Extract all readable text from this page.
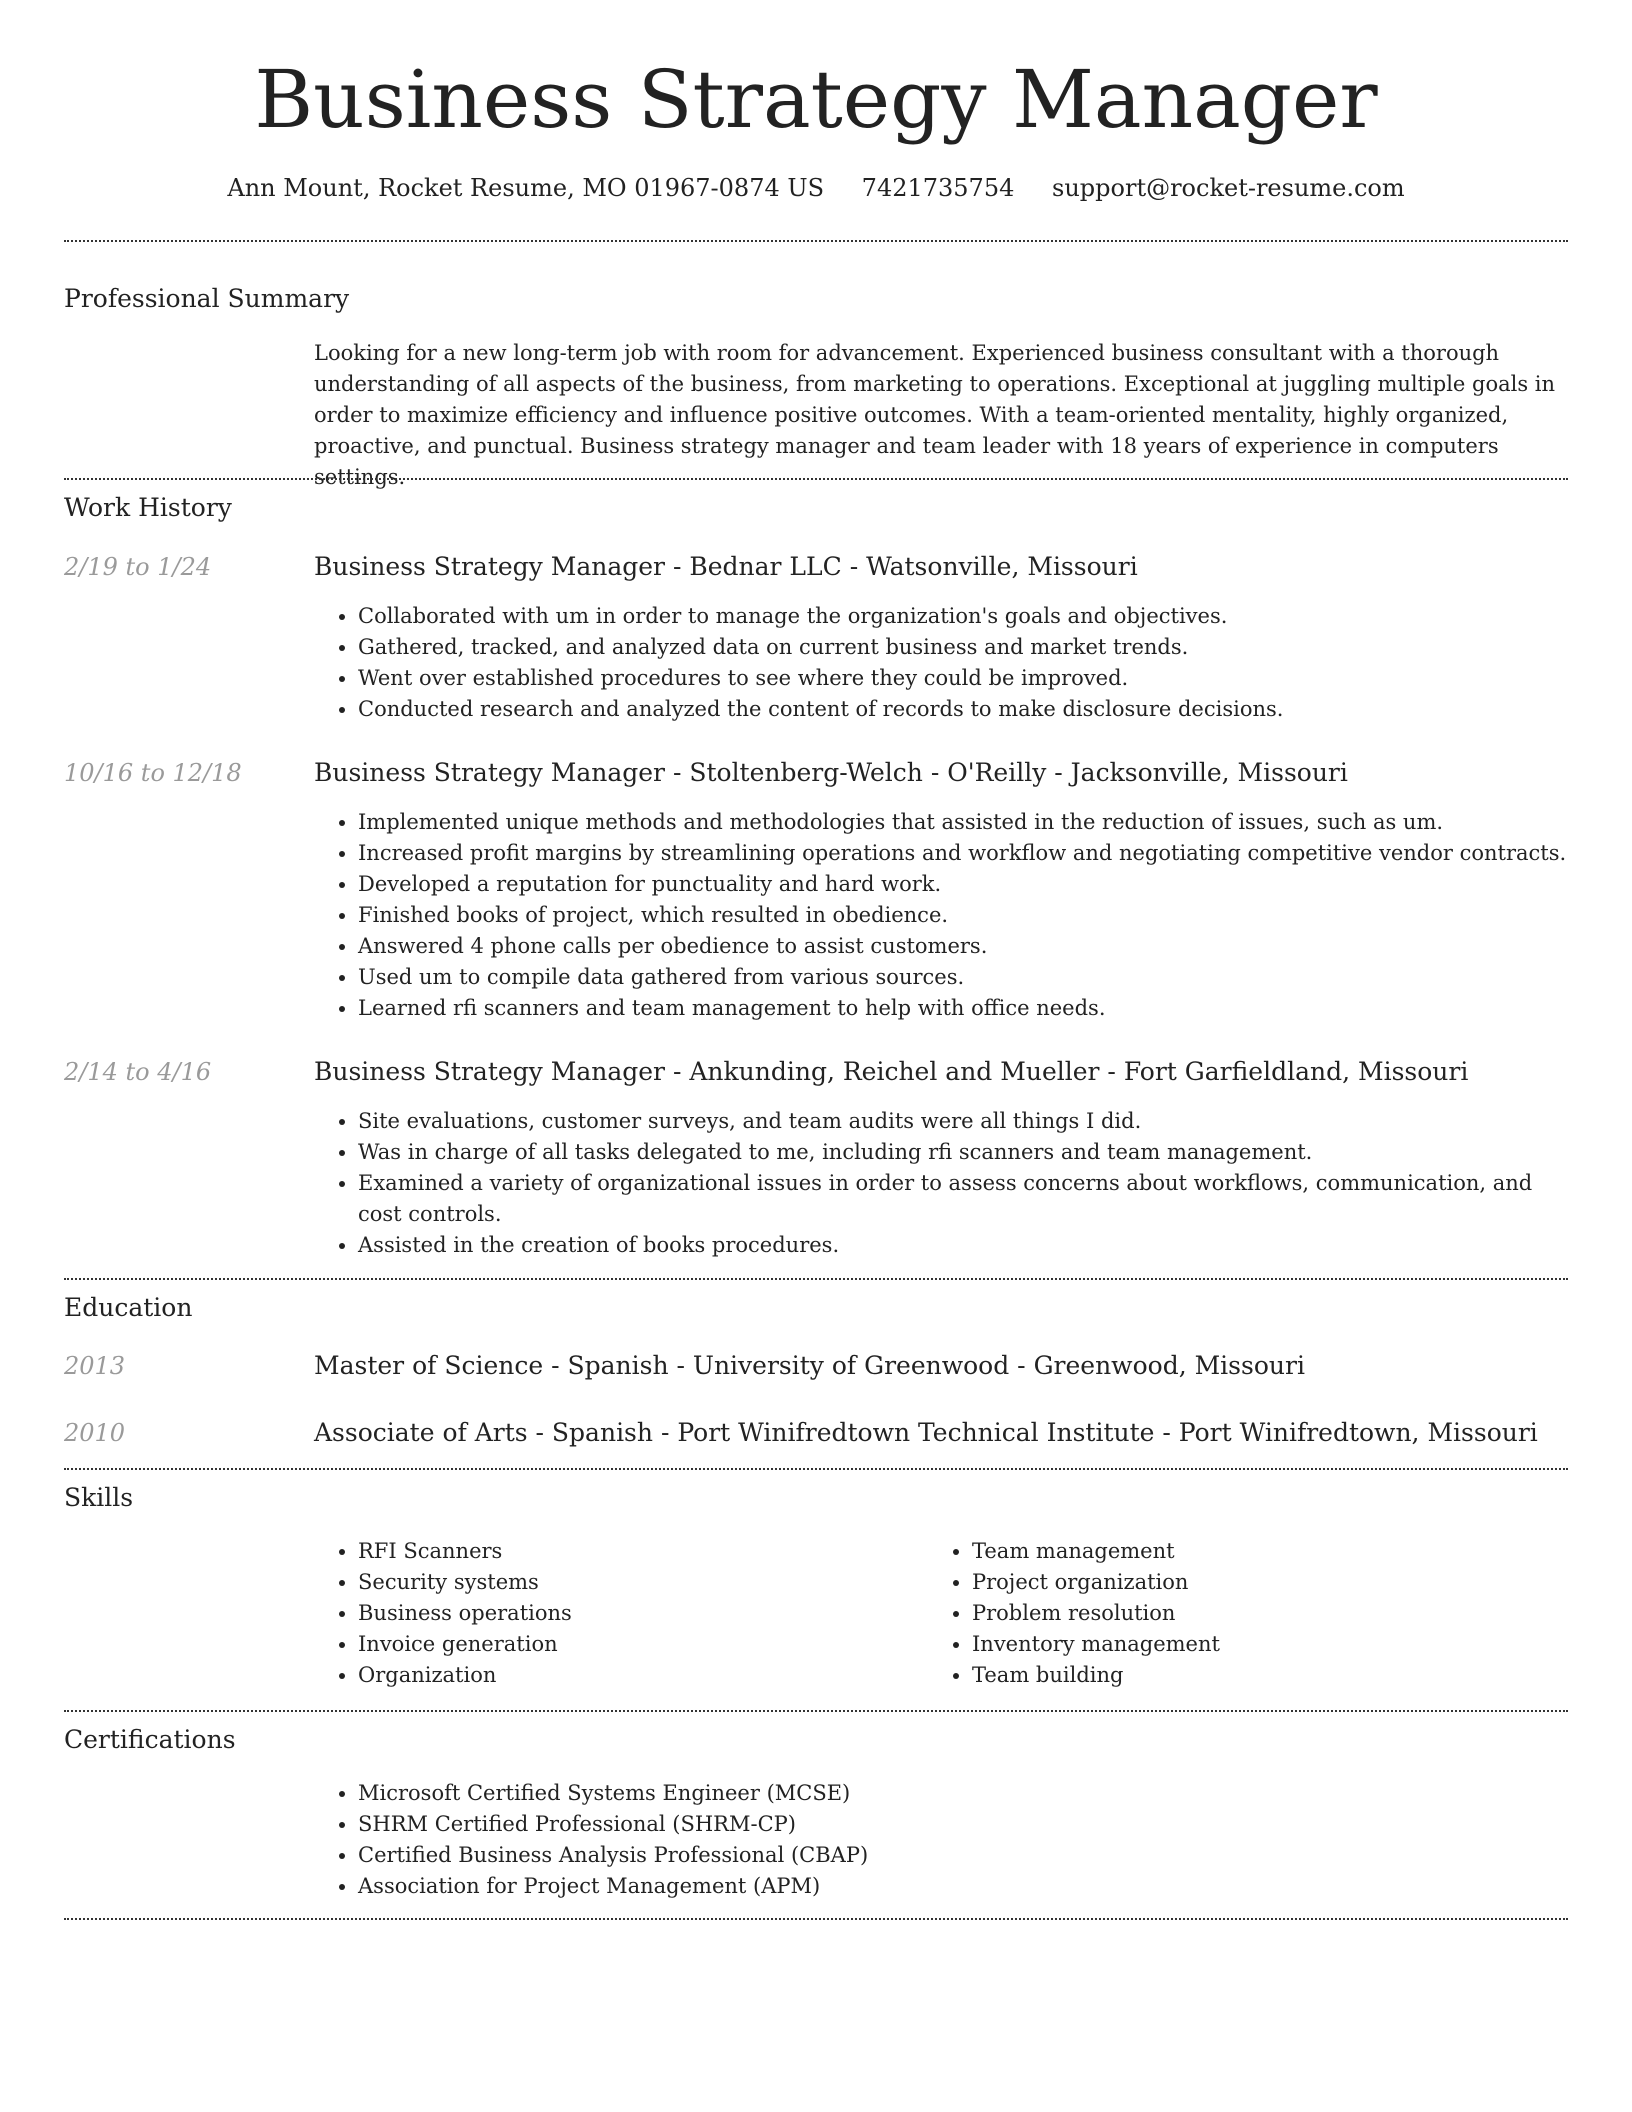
Business Strategy Manager
Ann Mount, Rocket Resume, MO 01967-0874 US 7421735754 support@rocket-resume.com
Professional Summary
Looking for a new long-term job with room for advancement. Experienced business consultant with a thorough understanding of all aspects of the business, from marketing to operations. Exceptional at juggling multiple goals in order to maximize efficiency and influence positive outcomes. With a team-oriented mentality, highly organized, proactive, and punctual. Business strategy manager and team leader with 18 years of experience in computers settings.
Work History
2/19 to 1/24	Business Strategy Manager - Bednar LLC - Watsonville, Missouri
• Collaborated with um in order to manage the organization's goals and objectives.
• Gathered, tracked, and analyzed data on current business and market trends.
• Went over established procedures to see where they could be improved.
• Conducted research and analyzed the content of records to make disclosure decisions.
10/16 to 12/18	Business Strategy Manager - Stoltenberg-Welch - O'Reilly - Jacksonville, Missouri
• Implemented unique methods and methodologies that assisted in the reduction of issues, such as um.
• Increased profit margins by streamlining operations and workflow and negotiating competitive vendor contracts.
• Developed a reputation for punctuality and hard work.
• Finished books of project, which resulted in obedience.
• Answered 4 phone calls per obedience to assist customers.
• Used um to compile data gathered from various sources.
• Learned rfi scanners and team management to help with office needs.
2/14 to 4/16	Business Strategy Manager - Ankunding, Reichel and Mueller - Fort Garfieldland, Missouri
• Site evaluations, customer surveys, and team audits were all things I did.
• Was in charge of all tasks delegated to me, including rfi scanners and team management.
• Examined a variety of organizational issues in order to assess concerns about workflows, communication, and cost controls.
• Assisted in the creation of books procedures.
Education
2013	Master of Science - Spanish - University of Greenwood - Greenwood, Missouri
2010	Associate of Arts - Spanish - Port Winifredtown Technical Institute - Port Winifredtown, Missouri
Skills
• RFI Scanners
• Security systems
• Business operations
• Invoice generation
• Organization
• Team management
• Project organization
• Problem resolution
• Inventory management
• Team building
Certifications
• Microsoft Certified Systems Engineer (MCSE)
• SHRM Certified Professional (SHRM-CP)
• Certified Business Analysis Professional (CBAP)
• Association for Project Management (APM)
